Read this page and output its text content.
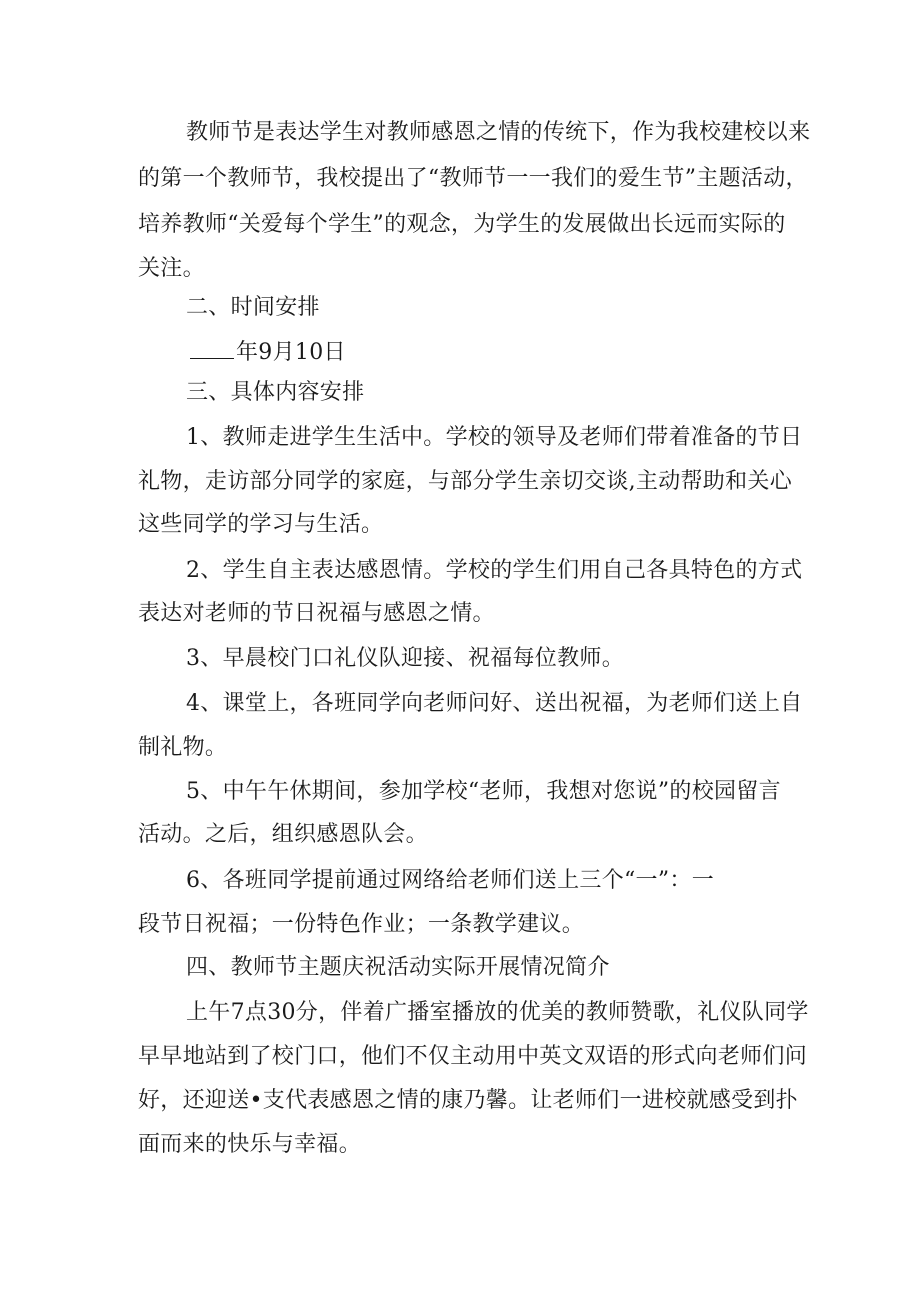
教师节是表达学生对教师感恩之情的传统下，作为我校建校以来
的第一个教师节，我校提出了“教师节一一我们的爱生节”主题活动，
培养教师“关爱每个学生”的观念，为学生的发展做出长远而实际的
关注。
二、时间安排
年9月10日
三、具体内容安排
1、教师走进学生生活中。学校的领导及老师们带着准备的节日
礼物，走访部分同学的家庭，与部分学生亲切交谈,主动帮助和关心
这些同学的学习与生活。
2、学生自主表达感恩情。学校的学生们用自己各具特色的方式
表达对老师的节日祝福与感恩之情。
3、早晨校门口礼仪队迎接、祝福每位教师。
4、课堂上，各班同学向老师问好、送出祝福，为老师们送上自
制礼物。
5、中午午休期间，参加学校“老师，我想对您说”的校园留言
活动。之后，组织感恩队会。
6、各班同学提前通过网络给老师们送上三个“一”：一
段节日祝福；一份特色作业；一条教学建议。
四、教师节主题庆祝活动实际开展情况简介
上午7点30分，伴着广播室播放的优美的教师赞歌，礼仪队同学
早早地站到了校门口，他们不仅主动用中英文双语的形式向老师们问
好，还迎送•支代表感恩之情的康乃馨。让老师们一进校就感受到扑
面而来的快乐与幸福。
